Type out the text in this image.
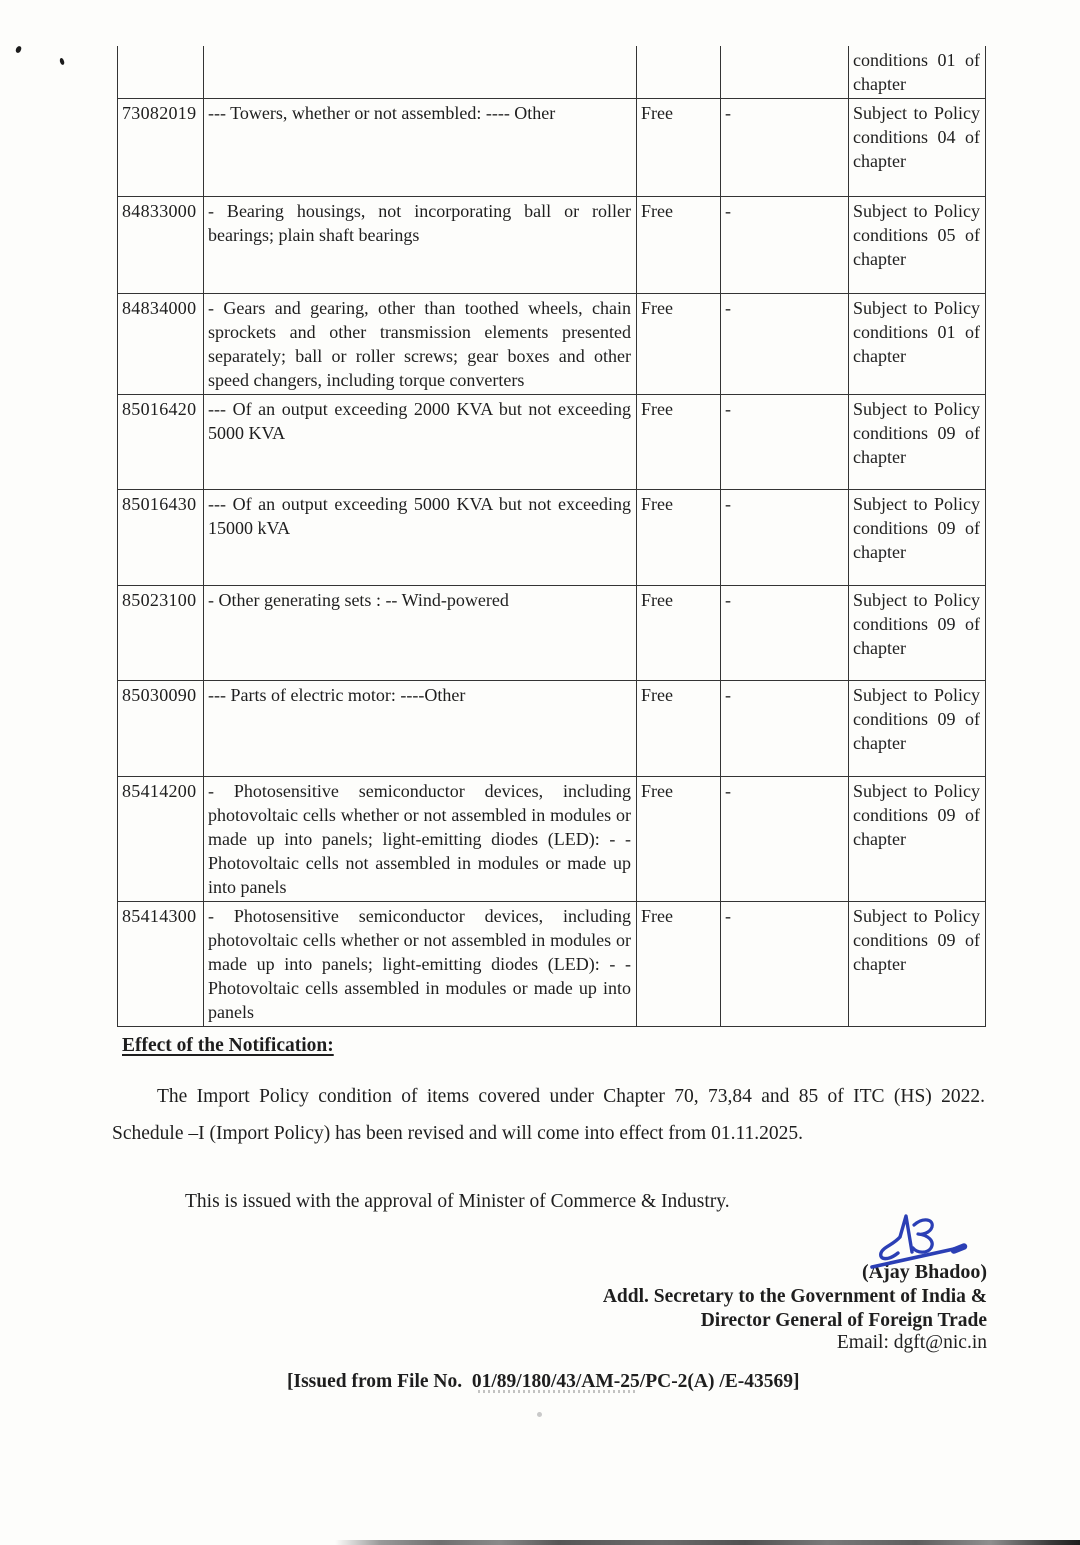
				conditions 01 of chapter
73082019	--- Towers, whether or not assembled: ---- Other	Free	-	Subject to Policy conditions 04 of chapter
84833000	- Bearing housings, not incorporating ball or roller bearings; plain shaft bearings	Free	-	Subject to Policy conditions 05 of chapter
84834000	- Gears and gearing, other than toothed wheels, chain sprockets and other transmission elements presented separately; ball or roller screws; gear boxes and other speed changers, including torque converters	Free	-	Subject to Policy conditions 01 of chapter
85016420	--- Of an output exceeding 2000 KVA but not exceeding 5000 KVA	Free	-	Subject to Policy conditions 09 of chapter
85016430	--- Of an output exceeding 5000 KVA but not exceeding 15000 kVA	Free	-	Subject to Policy conditions 09 of chapter
85023100	- Other generating sets : -- Wind-powered	Free	-	Subject to Policy conditions 09 of chapter
85030090	--- Parts of electric motor: ----Other	Free	-	Subject to Policy conditions 09 of chapter
85414200	- Photosensitive semiconductor devices, including photovoltaic cells whether or not assembled in modules or made up into panels; light-emitting diodes (LED): - - Photovoltaic cells not assembled in modules or made up into panels	Free	-	Subject to Policy conditions 09 of chapter
85414300	- Photosensitive semiconductor devices, including photovoltaic cells whether or not assembled in modules or made up into panels; light-emitting diodes (LED): - - Photovoltaic cells assembled in modules or made up into panels	Free	-	Subject to Policy conditions 09 of chapter
Effect of the Notification:
The Import Policy condition of items covered under Chapter 70, 73,84 and 85 of ITC (HS) 2022. Schedule –I (Import Policy) has been revised and will come into effect from 01.11.2025.
This is issued with the approval of Minister of Commerce & Industry.
(Ajay Bhadoo)
Addl. Secretary to the Government of India &
Director General of Foreign Trade
Email: dgft@nic.in
[Issued from File No.  01/89/180/43/AM-25/PC-2(A) /E-43569]
